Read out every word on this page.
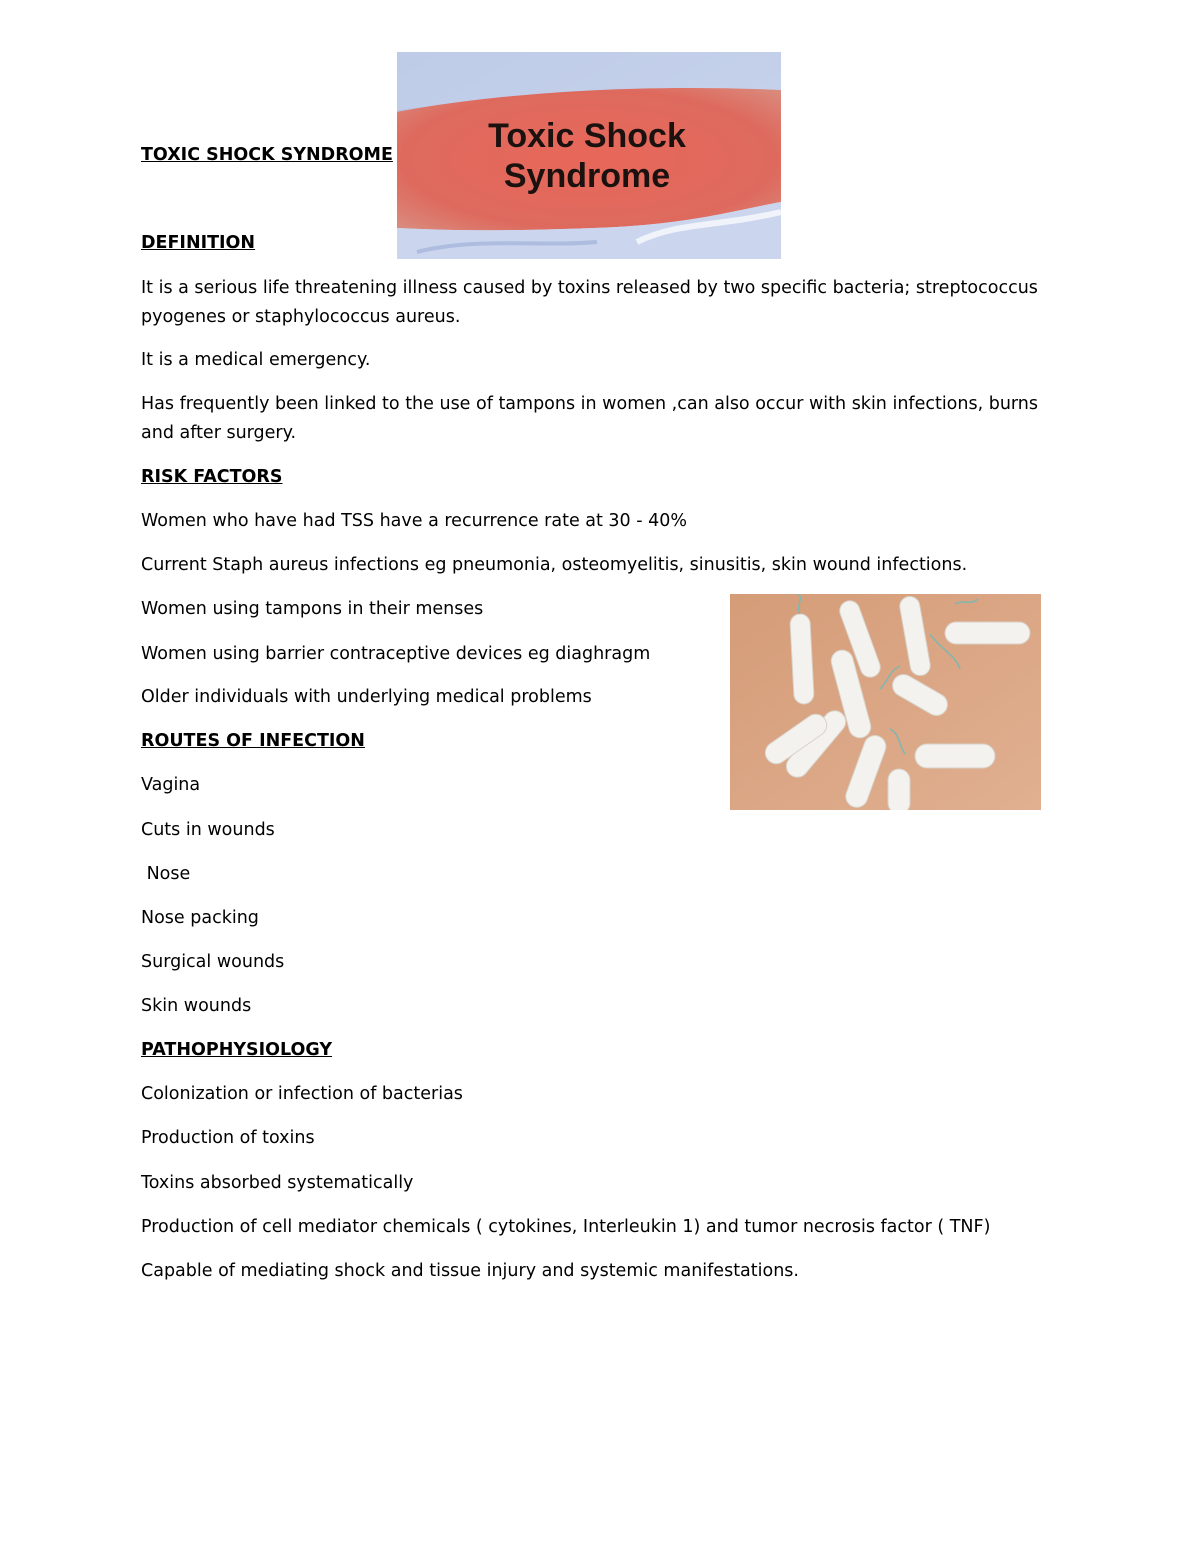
TOXIC SHOCK SYNDROME	Toxic Shock
Syndrome

DEFINITION

It is a serious life threatening illness caused by toxins released by two specific bacteria; streptococcus

pyogenes or staphylococcus aureus.

It is a medical emergency.

Has frequently been linked to the use of tampons in women ,can also occur with skin infections, burns

and after surgery.

RISK FACTORS

Women who have had TSS have a recurrence rate at 30 - 40%

Current Staph aureus infections eg pneumonia, osteomyelitis, sinusitis, skin wound infections.

Women using tampons in their menses

Women using barrier contraceptive devices eg diaghragm

Older individuals with underlying medical problems

ROUTES OF INFECTION

Vagina

Cuts in wounds

Nose

Nose packing

Surgical wounds

Skin wounds

PATHOPHYSIOLOGY

Colonization or infection of bacterias

Production of toxins

Toxins absorbed systematically

Production of cell mediator chemicals ( cytokines, Interleukin 1) and tumor necrosis factor ( TNF)

Capable of mediating shock and tissue injury and systemic manifestations.
